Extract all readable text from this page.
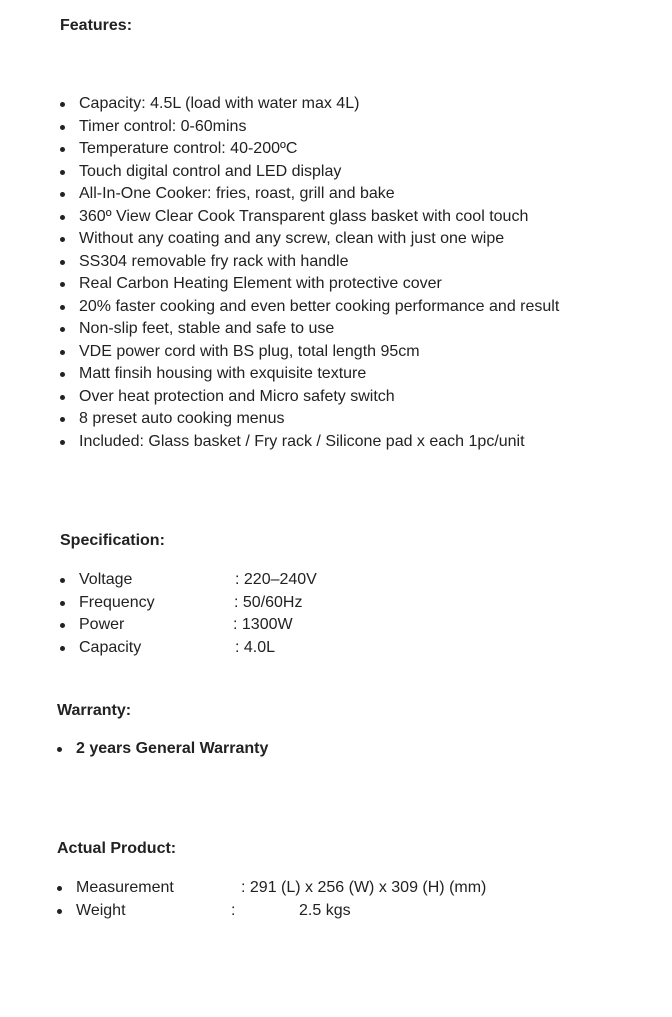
Features:
Capacity: 4.5L (load with water max 4L)
Timer control: 0-60mins
Temperature control: 40-200ºC
Touch digital control and LED display
All-In-One Cooker: fries, roast, grill and bake
360º View Clear Cook Transparent glass basket with cool touch
Without any coating and any screw, clean with just one wipe
SS304 removable fry rack with handle
Real Carbon Heating Element with protective cover
20% faster cooking and even better cooking performance and result
Non-slip feet, stable and safe to use
VDE power cord with BS plug, total length 95cm
Matt finsih housing with exquisite texture
Over heat protection and Micro safety switch
8 preset auto cooking menus
Included: Glass basket / Fry rack / Silicone pad x each 1pc/unit
Specification:
Voltage	: 220–240V
Frequency	: 50/60Hz
Power	: 1300W
Capacity	: 4.0L
Warranty:
2 years General Warranty
Actual Product:
Measurement	: 291 (L) x 256 (W) x 309 (H) (mm)
Weight	:	2.5 kgs
